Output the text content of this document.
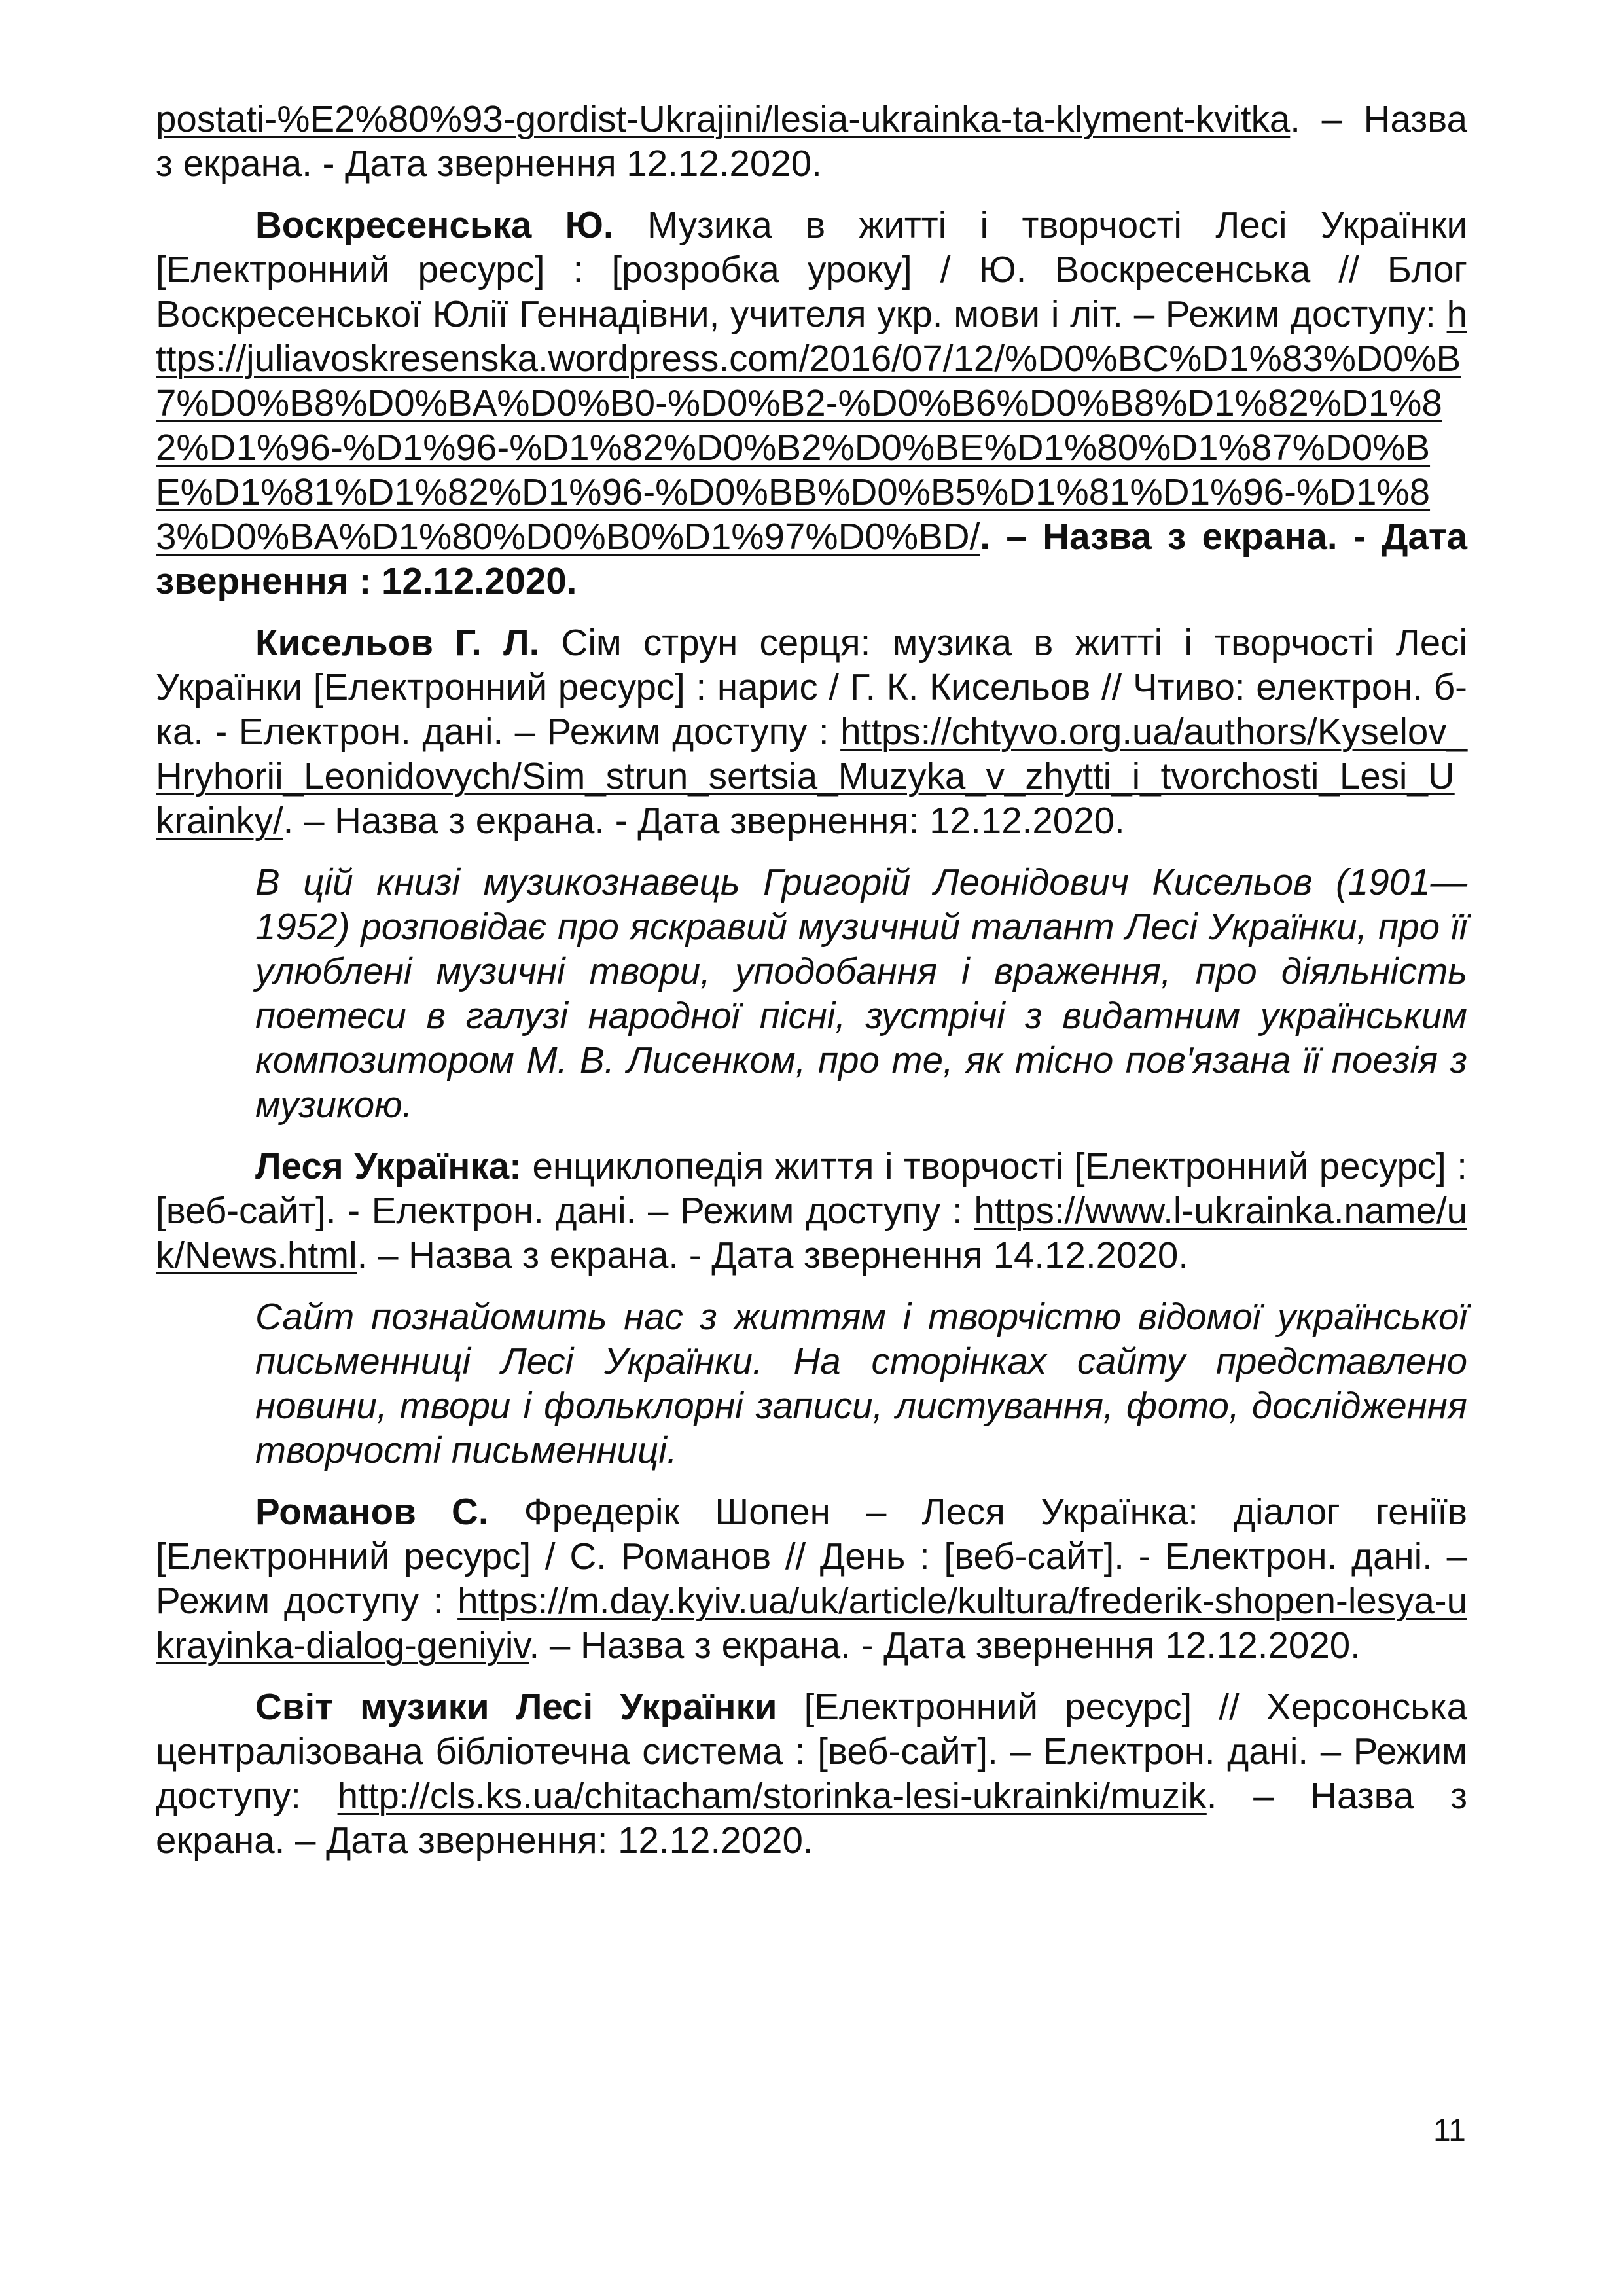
postati-%E2%80%93-gordist-Ukrajini/lesia-ukrainka-ta-klyment-kvitka. – Назва з екрана. - Дата звернення 12.12.2020.

Воскресенська Ю. Музика в житті і творчості Лесі Українки [Електронний ресурс] : [розробка уроку] / Ю. Воскресенська // Блог Воскресенської Юлії Геннадівни, учителя укр. мови і літ. – Режим доступу: https://juliavoskresenska.wordpress.com/2016/07/12/%D0%BC%D1%83%D0%B7%D0%B8%D0%BA%D0%B0-%D0%B2-%D0%B6%D0%B8%D1%82%D1%82%D1%96-%D1%96-%D1%82%D0%B2%D0%BE%D1%80%D1%87%D0%BE%D1%81%D1%82%D1%96-%D0%BB%D0%B5%D1%81%D1%96-%D1%83%D0%BA%D1%80%D0%B0%D1%97%D0%BD/. – Назва з екрана. - Дата звернення : 12.12.2020.

Кисельов Г. Л. Сім струн серця: музика в житті і творчості Лесі Українки [Електронний ресурс] : нарис / Г. К. Кисельов // Чтиво: електрон. б-ка. - Електрон. дані. – Режим доступу : https://chtyvo.org.ua/authors/Kyselov_Hryhorii_Leonidovych/Sim_strun_sertsia_Muzyka_v_zhytti_i_tvorchosti_Lesi_Ukrainky/. – Назва з екрана. - Дата звернення: 12.12.2020.

В цій книзі музикознавець Григорій Леонідович Кисельов (1901—1952) розповідає про яскравий музичний талант Лесі Українки, про її улюблені музичні твори, уподобання і враження, про діяльність поетеси в галузі народної пісні, зустрічі з видатним українським композитором М. В. Лисенком, про те, як тісно пов'язана її поезія з музикою.

Леся Українка: енциклопедія життя і творчості [Електронний ресурс] : [веб-сайт]. - Електрон. дані. – Режим доступу : https://www.l-ukrainka.name/uk/News.html. – Назва з екрана. - Дата звернення 14.12.2020.

Сайт познайомить нас з життям і творчістю відомої української письменниці Лесі Українки. На сторінках сайту представлено новини, твори і фольклорні записи, листування, фото, дослідження творчості письменниці.

Романов С. Фредерік Шопен – Леся Українка: діалог геніїв [Електронний ресурс] / С. Романов // День : [веб-сайт]. - Електрон. дані. – Режим доступу : https://m.day.kyiv.ua/uk/article/kultura/frederik-shopen-lesya-ukrayinka-dialog-geniyiv. – Назва з екрана. - Дата звернення 12.12.2020.

Світ музики Лесі Українки [Електронний ресурс] // Херсонська централізована бібліотечна система : [веб-сайт]. – Електрон. дані. – Режим доступу: http://cls.ks.ua/chitacham/storinka-lesi-ukrainki/muzik. – Назва з екрана. – Дата звернення: 12.12.2020.

11
